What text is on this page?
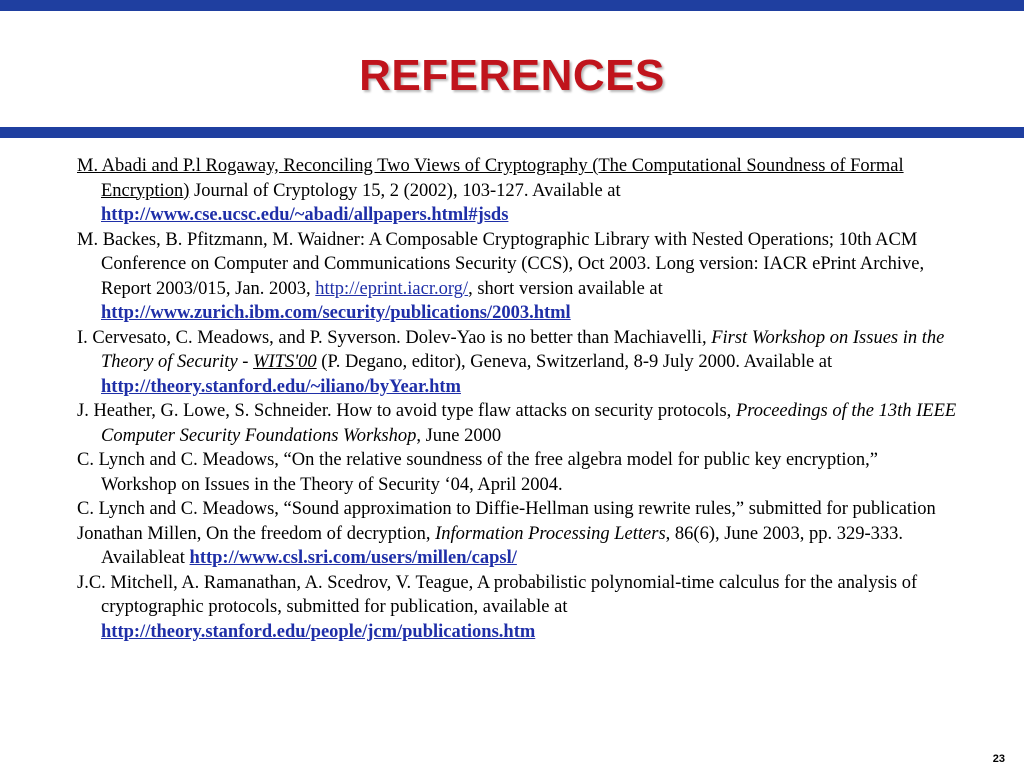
REFERENCES
M. Abadi and P.l Rogaway, Reconciling Two Views of Cryptography (The Computational Soundness of Formal Encryption) Journal of Cryptology 15, 2 (2002), 103-127. Available at http://www.cse.ucsc.edu/~abadi/allpapers.html#jsds
M. Backes, B. Pfitzmann, M. Waidner: A Composable Cryptographic Library with Nested Operations; 10th ACM Conference on Computer and Communications Security (CCS), Oct 2003. Long version: IACR ePrint Archive, Report 2003/015, Jan. 2003, http://eprint.iacr.org/, short version available at http://www.zurich.ibm.com/security/publications/2003.html
I. Cervesato, C. Meadows, and P. Syverson. Dolev-Yao is no better than Machiavelli, First Workshop on Issues in the Theory of Security - WITS'00 (P. Degano, editor), Geneva, Switzerland, 8-9 July 2000. Available at http://theory.stanford.edu/~iliano/byYear.htm
J. Heather, G. Lowe, S. Schneider. How to avoid type flaw attacks on security protocols, Proceedings of the 13th IEEE Computer Security Foundations Workshop, June 2000
C. Lynch and C. Meadows, “On the relative soundness of the free algebra model for public key encryption,” Workshop on Issues in the Theory of Security ‘04, April 2004.
C. Lynch and C. Meadows, “Sound approximation to Diffie-Hellman using rewrite rules,” submitted for publication
Jonathan Millen, On the freedom of decryption, Information Processing Letters, 86(6), June 2003, pp. 329-333. Availableat http://www.csl.sri.com/users/millen/capsl/
J.C. Mitchell, A. Ramanathan, A. Scedrov, V. Teague, A probabilistic polynomial-time calculus for the analysis of cryptographic protocols, submitted for publication, available at http://theory.stanford.edu/people/jcm/publications.htm
23
